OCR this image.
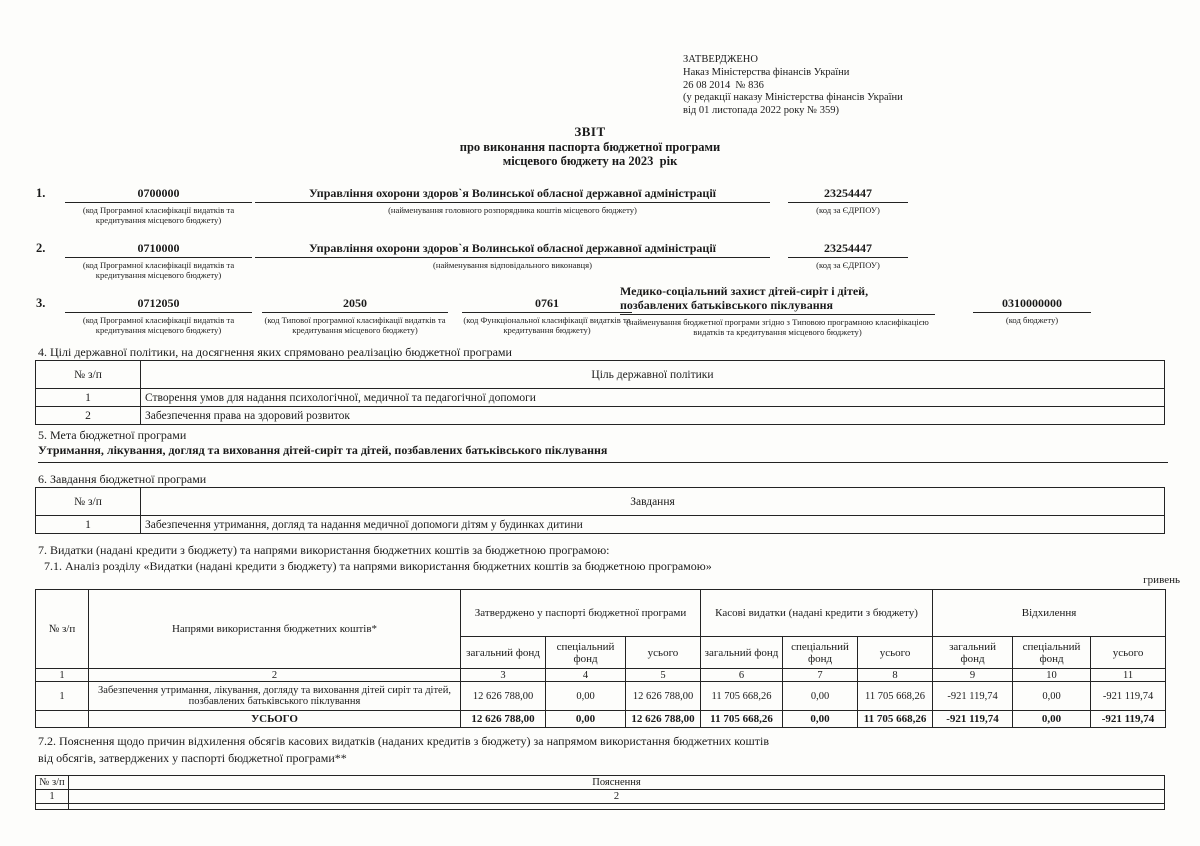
ЗАТВЕРДЖЕНО
Наказ Міністерства фінансів України
26 08 2014  № 836
(у редакції наказу Міністерства фінансів України
від 01 листопада 2022 року № 359)
ЗВІТ
про виконання паспорта бюджетної програми
місцевого бюджету на 2023  рік
1.	0700000
(код Програмної класифікації видатків та кредитування місцевого бюджету)
Управління охорони здоров`я Волинської обласної державної адміністрації
(найменування головного розпорядника коштів місцевого бюджету)
23254447
(код за ЄДРПОУ)
2.	0710000
(код Програмної класифікації видатків та кредитування місцевого бюджету)
Управління охорони здоров`я Волинської обласної державної адміністрації
(найменування відповідального виконавця)
23254447
(код за ЄДРПОУ)
3.	0712050
(код Програмної класифікації видатків та кредитування місцевого бюджету)
2050
(код Типової програмної класифікації видатків та кредитування місцевого бюджету)
0761
(код Функціональної класифікації видатків та кредитування бюджету)
Медико-соціальний захист дітей-сиріт і дітей, позбавлених батьківського піклування
(найменування бюджетної програми згідно з Типовою програмною класифікацією видатків та кредитування місцевого бюджету)
0310000000
(код бюджету)
4. Цілі державної політики, на досягнення яких спрямовано реалізацію бюджетної програми
№ з/п	Ціль державної політики
1	Створення умов для надання психологічної, медичної та педагогічної допомоги
2	Забезпечення права на здоровий розвиток
5. Мета бюджетної програми
Утримання, лікування, догляд та виховання дітей-сиріт та дітей, позбавлених батьківського піклування
6. Завдання бюджетної програми
№ з/п	Завдання
1	Забезпечення утримання, догляд та надання медичної допомоги дітям у будинках дитини
7. Видатки (надані кредити з бюджету) та напрями використання бюджетних коштів за бюджетною програмою:
7.1. Аналіз розділу «Видатки (надані кредити з бюджету) та напрями використання бюджетних коштів за бюджетною програмою»
гривень
№ з/п	Напрями використання бюджетних коштів*	Затверджено у паспорті бюджетної програми			Касові видатки (надані кредити з бюджету)			Відхилення		
		загальний фонд	спеціальний фонд	усього	загальний фонд	спеціальний фонд	усього	загальний фонд	спеціальний фонд	усього
1	2	3	4	5	6	7	8	9	10	11
1	Забезпечення утримання, лікування, догляду та виховання дітей сиріт та дітей, позбавлених батьківського піклування	12 626 788,00	0,00	12 626 788,00	11 705 668,26	0,00	11 705 668,26	-921 119,74	0,00	-921 119,74
	УСЬОГО	12 626 788,00	0,00	12 626 788,00	11 705 668,26	0,00	11 705 668,26	-921 119,74	0,00	-921 119,74
7.2. Пояснення щодо причин відхилення обсягів касових видатків (наданих кредитів з бюджету) за напрямом використання бюджетних коштів
від обсягів, затверджених у паспорті бюджетної програми**
№ з/п	Пояснення
1	2
